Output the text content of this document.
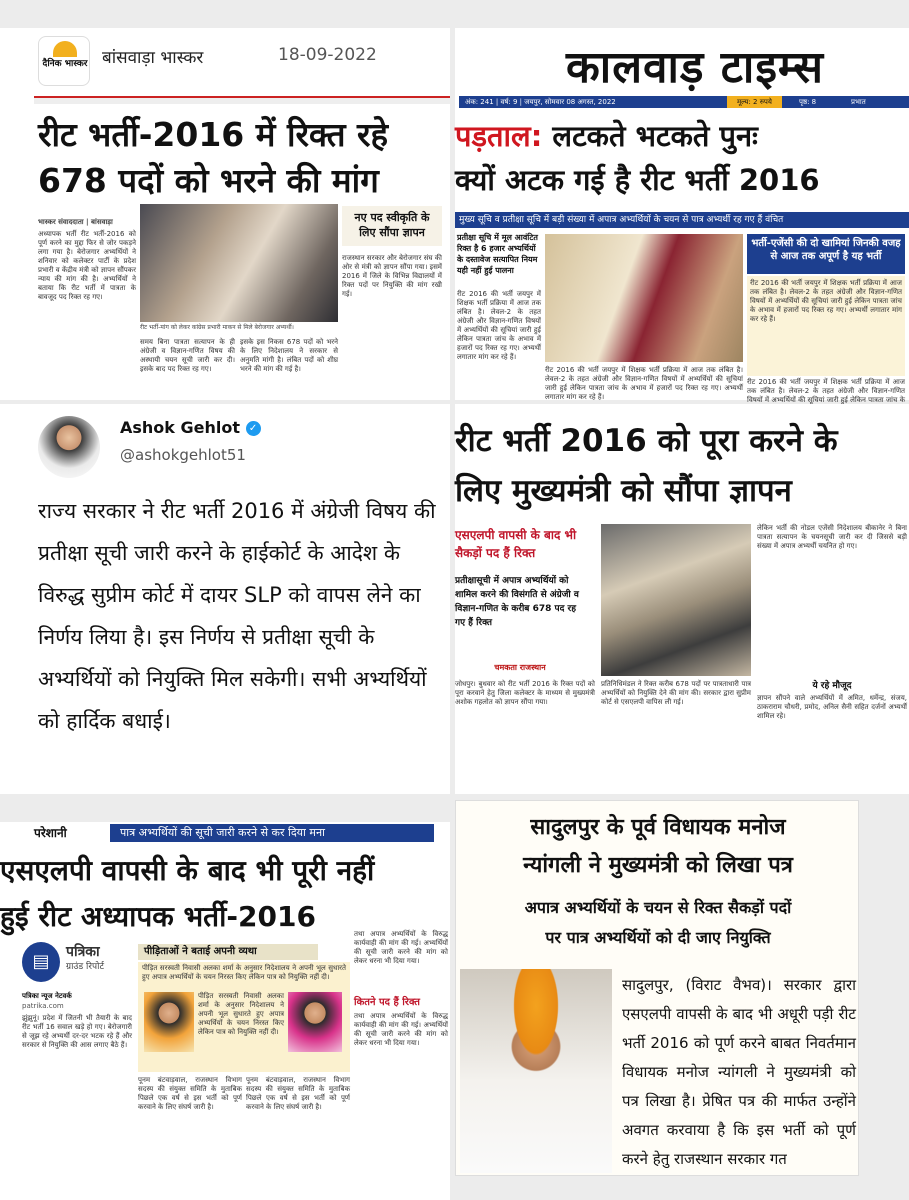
दैनिक भास्कर बांसवाड़ा भास्कर	18-09-2022
रीट भर्ती-2016 में रिक्त रहे
678 पदों को भरने की मांग
भास्कर संवाददाता | बांसवाड़ा
अध्यापक भर्ती रीट भर्ती-2016 को पूर्ण करने का मुद्दा फिर से जोर पकड़ने लगा गया है। बेरोजगार अभ्यर्थियों ने शनिवार को कलेक्टर पार्टी के प्रदेश प्रभारी व केंद्रीय मंत्री को ज्ञापन सौंपकर न्याय की मांग की है। अभ्यर्थियों ने बताया कि रीट भर्ती में पात्रता के बावजूद पद रिक्त रह गए।
रीट भर्ती-मांग को लेकर कांग्रेस प्रभारी माकन से मिले बेरोजगार अभ्यर्थी।
समय बिना पात्रता सत्यापन के ही अंग्रेजी व विज्ञान-गणित विषय की अस्थायी चयन सूची जारी कर दी। इसके बाद पद रिक्त रह गए।
इसके इस निकस 678 पदों को भरने के लिए निदेशालय ने सरकार से अनुमति मांगी है। लंबित पदों को शीघ्र भरने की मांग की गई है।
नए पद स्वीकृति के लिए सौंपा ज्ञापन
राजस्थान सरकार और बेरोजगार संघ की ओर से मंत्री को ज्ञापन सौंपा गया। इसमें 2016 में जिले के विभिन्न विद्यालयों में रिक्त पदों पर नियुक्ति की मांग रखी गई।
कालवाड़ टाइम्स
अंक: 241 | वर्ष: 9 | जयपुर, सोमवार 08 अगस्त, 2022	मूल्य: 2 रुपये	पृष्ठ: 8	प्रभात
पड़ताल: लटकते भटकते पुनः
क्यों अटक गई है रीट भर्ती 2016
मुख्य सूचि व प्रतीक्षा सूचि में बड़ी संख्या में अपात्र अभ्यर्थियों के चयन से पात्र अभ्यर्थी रह गए हैं वंचित
प्रतीक्षा सूचि में मूल आवंटित रिक्त है 6 हजार अभ्यर्थियों के दस्तावेज सत्यापित नियम यही नहीं हुई पालना
रीट 2016 की भर्ती जयपुर में शिक्षक भर्ती प्रक्रिया में आज तक लंबित है। लेवल-2 के तहत अंग्रेजी और विज्ञान-गणित विषयों में अभ्यर्थियों की सूचियां जारी हुई लेकिन पात्रता जांच के अभाव में हजारों पद रिक्त रह गए। अभ्यर्थी लगातार मांग कर रहे हैं।
रीट 2016 की भर्ती जयपुर में शिक्षक भर्ती प्रक्रिया में आज तक लंबित है। लेवल-2 के तहत अंग्रेजी और विज्ञान-गणित विषयों में अभ्यर्थियों की सूचियां जारी हुई लेकिन पात्रता जांच के अभाव में हजारों पद रिक्त रह गए। अभ्यर्थी लगातार मांग कर रहे हैं।
भर्ती-एजेंसी की दो खामियां जिनकी वजह से आज तक अपूर्ण है यह भर्ती
रीट 2016 की भर्ती जयपुर में शिक्षक भर्ती प्रक्रिया में आज तक लंबित है। लेवल-2 के तहत अंग्रेजी और विज्ञान-गणित विषयों में अभ्यर्थियों की सूचियां जारी हुई लेकिन पात्रता जांच के अभाव में हजारों पद रिक्त रह गए। अभ्यर्थी लगातार मांग कर रहे हैं।
रीट 2016 की भर्ती जयपुर में शिक्षक भर्ती प्रक्रिया में आज तक लंबित है। लेवल-2 के तहत अंग्रेजी और विज्ञान-गणित विषयों में अभ्यर्थियों की सूचियां जारी हुई लेकिन पात्रता जांच के
Ashok Gehlot ✓
@ashokgehlot51
राज्य सरकार ने रीट भर्ती 2016 में अंग्रेजी विषय की प्रतीक्षा सूची जारी करने के हाईकोर्ट के आदेश के विरुद्ध सुप्रीम कोर्ट में दायर SLP को वापस लेने का निर्णय लिया है। इस निर्णय से प्रतीक्षा सूची के अभ्यर्थियों को नियुक्ति मिल सकेगी। सभी अभ्यर्थियों को हार्दिक बधाई।
रीट भर्ती 2016 को पूरा करने के
लिए मुख्यमंत्री को सौंपा ज्ञापन
एसएलपी वापसी के बाद भी सैकड़ों पद हैं रिक्त
प्रतीक्षासूची में अपात्र अभ्यर्थियों को शामिल करने की विसंगति से अंग्रेजी व विज्ञान-गणित के करीब 678 पद रह गए हैं रिक्त
चमकता राजस्थान
जोधपुर। बुधवार को रीट भर्ती 2016 के रिक्त पदों को पूरा करवाने हेतु जिला कलेक्टर के माध्यम से मुख्यमंत्री अशोक गहलोत को ज्ञापन सौंपा गया।
प्रतिनिधिमंडल ने रिक्त करीब 678 पदों पर पात्रताधारी पात्र अभ्यर्थियों को नियुक्ति देने की मांग की। सरकार द्वारा सुप्रीम कोर्ट से एसएलपी वापिस ली गई।
लेकिन भर्ती की नोडल एजेंसी निदेशालय बीकानेर ने बिना पात्रता सत्यापन के चयनसूची जारी कर दी जिससे बड़ी संख्या में अपात्र अभ्यर्थी चयनित हो गए।
ये रहे मौजूद
ज्ञापन सौंपने वाले अभ्यर्थियों में अमित, धर्मेन्द्र, संजय, ठाकराराम चौधरी, प्रमोद, अनिल सैनी सहित दर्जनों अभ्यर्थी शामिल रहे।
परेशानी	पात्र अभ्यर्थियों की सूची जारी करने से कर दिया मना
एसएलपी वापसी के बाद भी पूरी नहीं
हुई रीट अध्यापक भर्ती-2016
▤	पत्रिका
ग्राउंड रिपोर्ट
पत्रिका न्यूज नेटवर्क
patrika.com
झुंझुनूं। प्रदेश में जितनी भी तैयारी के बाद रीट भर्ती 16 सवाल खड़े हो गए। बेरोजगारी से जूझ रहे अभ्यर्थी दर-दर भटक रहे हैं और सरकार से नियुक्ति की आस लगाए बैठे हैं।
पीड़िताओं ने बताई अपनी व्यथा
पीड़ित सरस्वती निवासी अलका शर्मा के अनुसार निदेशालय ने अपनी भूल सुधारते हुए अपात्र अभ्यर्थियों के चयन निरस्त किए लेकिन पात्र को नियुक्ति नहीं दी।
पीड़ित सरस्वती निवासी अलका शर्मा के अनुसार निदेशालय ने अपनी भूल सुधारते हुए अपात्र अभ्यर्थियों के चयन निरस्त किए लेकिन पात्र को नियुक्ति नहीं दी।
पूनम बंटवाड़वाल, राजस्थान विभाग सदस्य की संयुक्त समिति के मुताबिक पिछले एक वर्ष से इस भर्ती को पूर्ण करवाने के लिए संघर्ष जारी है।
पूनम बंटवाड़वाल, राजस्थान विभाग सदस्य की संयुक्त समिति के मुताबिक पिछले एक वर्ष से इस भर्ती को पूर्ण करवाने के लिए संघर्ष जारी है।
तथा अपात्र अभ्यर्थियों के विरुद्ध कार्यवाही की मांग की गई। अभ्यर्थियों की सूची जारी करने की मांग को लेकर धरना भी दिया गया।
कितने पद हैं रिक्त
तथा अपात्र अभ्यर्थियों के विरुद्ध कार्यवाही की मांग की गई। अभ्यर्थियों की सूची जारी करने की मांग को लेकर धरना भी दिया गया।
सादुलपुर के पूर्व विधायक मनोज
न्यांगली ने मुख्यमंत्री को लिखा पत्र
अपात्र अभ्यर्थियों के चयन से रिक्त सैकड़ों पदों
पर पात्र अभ्यर्थियों को दी जाए नियुक्ति
सादुलपुर, (विराट वैभव)। सरकार द्वारा एसएलपी वापसी के बाद भी अधूरी पड़ी रीट भर्ती 2016 को पूर्ण करने बाबत निवर्तमान विधायक मनोज न्यांगली ने मुख्यमंत्री को पत्र लिखा है। प्रेषित पत्र की मार्फत उन्होंने अवगत करवाया है कि इस भर्ती को पूर्ण करने हेतु राजस्थान सरकार गत
